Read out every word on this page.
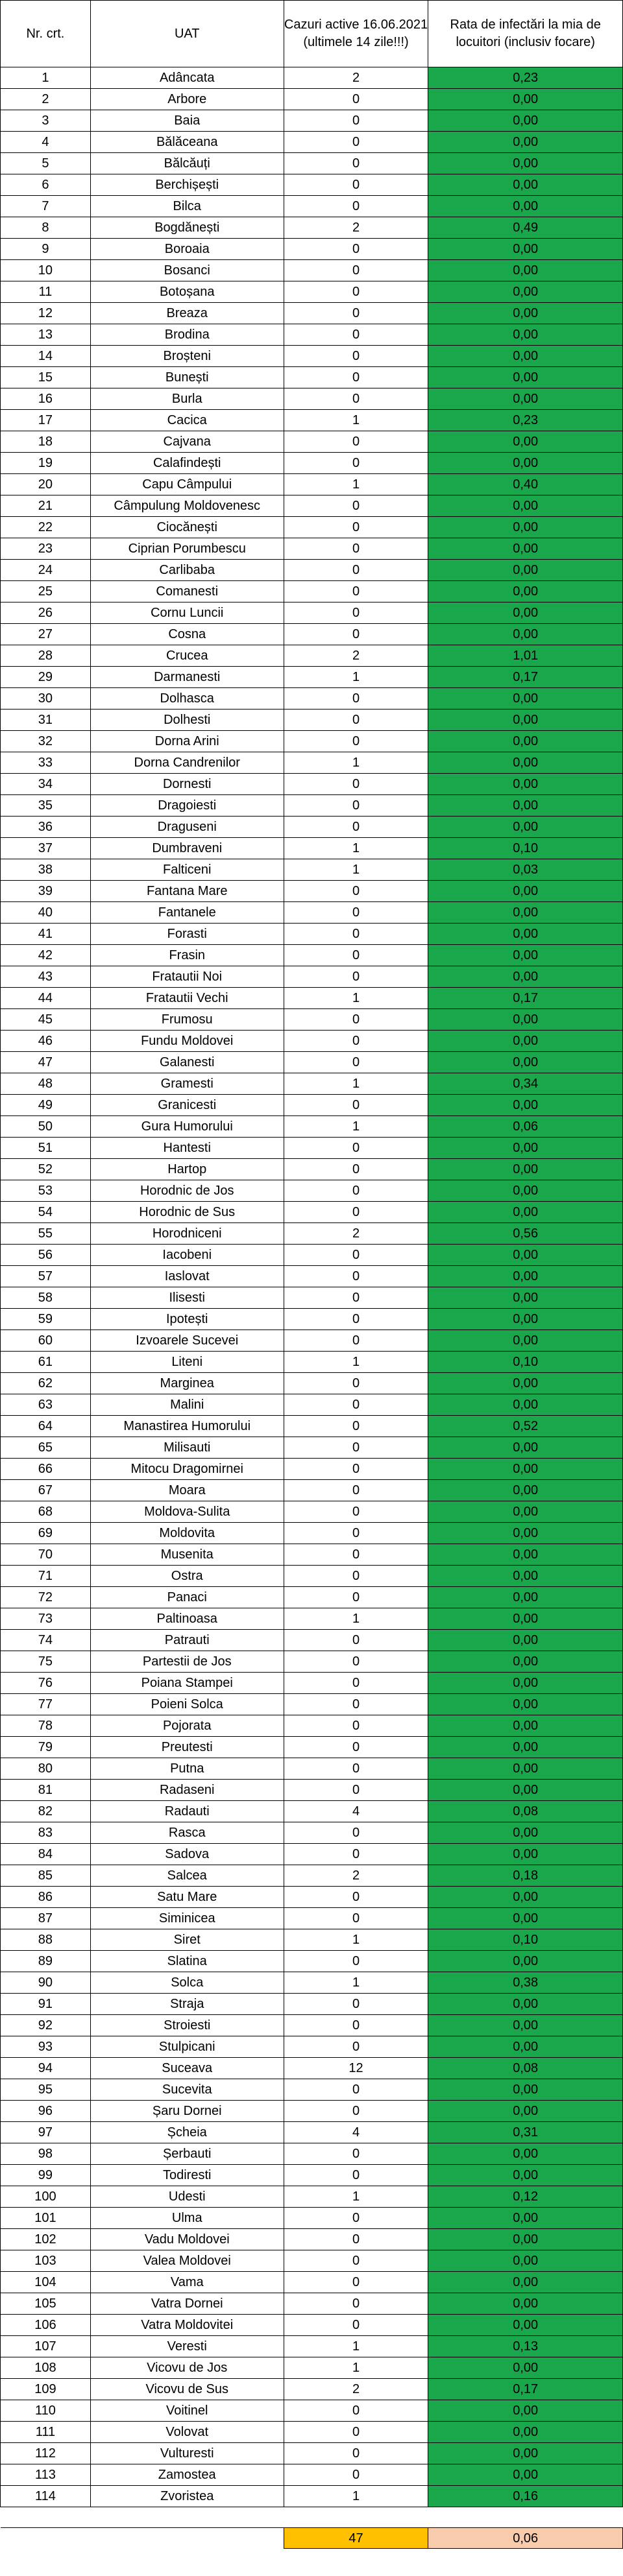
Nr. crt.	UAT	Cazuri active 16.06.2021 (ultimele 14 zile!!!)	Rata de infectări la mia de locuitori (inclusiv focare)
1	Adâncata	2	0,23
2	Arbore	0	0,00
3	Baia	0	0,00
4	Bălăceana	0	0,00
5	Bălcăuți	0	0,00
6	Berchișești	0	0,00
7	Bilca	0	0,00
8	Bogdănești	2	0,49
9	Boroaia	0	0,00
10	Bosanci	0	0,00
11	Botoșana	0	0,00
12	Breaza	0	0,00
13	Brodina	0	0,00
14	Broșteni	0	0,00
15	Bunești	0	0,00
16	Burla	0	0,00
17	Cacica	1	0,23
18	Cajvana	0	0,00
19	Calafindești	0	0,00
20	Capu Câmpului	1	0,40
21	Câmpulung Moldovenesc	0	0,00
22	Ciocănești	0	0,00
23	Ciprian Porumbescu	0	0,00
24	Carlibaba	0	0,00
25	Comanesti	0	0,00
26	Cornu Luncii	0	0,00
27	Cosna	0	0,00
28	Crucea	2	1,01
29	Darmanesti	1	0,17
30	Dolhasca	0	0,00
31	Dolhesti	0	0,00
32	Dorna Arini	0	0,00
33	Dorna Candrenilor	1	0,00
34	Dornesti	0	0,00
35	Dragoiesti	0	0,00
36	Draguseni	0	0,00
37	Dumbraveni	1	0,10
38	Falticeni	1	0,03
39	Fantana Mare	0	0,00
40	Fantanele	0	0,00
41	Forasti	0	0,00
42	Frasin	0	0,00
43	Fratautii Noi	0	0,00
44	Fratautii Vechi	1	0,17
45	Frumosu	0	0,00
46	Fundu Moldovei	0	0,00
47	Galanesti	0	0,00
48	Gramesti	1	0,34
49	Granicesti	0	0,00
50	Gura Humorului	1	0,06
51	Hantesti	0	0,00
52	Hartop	0	0,00
53	Horodnic de Jos	0	0,00
54	Horodnic de Sus	0	0,00
55	Horodniceni	2	0,56
56	Iacobeni	0	0,00
57	Iaslovat	0	0,00
58	Ilisesti	0	0,00
59	Ipotești	0	0,00
60	Izvoarele Sucevei	0	0,00
61	Liteni	1	0,10
62	Marginea	0	0,00
63	Malini	0	0,00
64	Manastirea Humorului	0	0,52
65	Milisauti	0	0,00
66	Mitocu Dragomirnei	0	0,00
67	Moara	0	0,00
68	Moldova-Sulita	0	0,00
69	Moldovita	0	0,00
70	Musenita	0	0,00
71	Ostra	0	0,00
72	Panaci	0	0,00
73	Paltinoasa	1	0,00
74	Patrauti	0	0,00
75	Partestii de Jos	0	0,00
76	Poiana Stampei	0	0,00
77	Poieni Solca	0	0,00
78	Pojorata	0	0,00
79	Preutesti	0	0,00
80	Putna	0	0,00
81	Radaseni	0	0,00
82	Radauti	4	0,08
83	Rasca	0	0,00
84	Sadova	0	0,00
85	Salcea	2	0,18
86	Satu Mare	0	0,00
87	Siminicea	0	0,00
88	Siret	1	0,10
89	Slatina	0	0,00
90	Solca	1	0,38
91	Straja	0	0,00
92	Stroiesti	0	0,00
93	Stulpicani	0	0,00
94	Suceava	12	0,08
95	Sucevita	0	0,00
96	Șaru Dornei	0	0,00
97	Șcheia	4	0,31
98	Șerbauti	0	0,00
99	Todiresti	0	0,00
100	Udesti	1	0,12
101	Ulma	0	0,00
102	Vadu Moldovei	0	0,00
103	Valea Moldovei	0	0,00
104	Vama	0	0,00
105	Vatra Dornei	0	0,00
106	Vatra Moldovitei	0	0,00
107	Veresti	1	0,13
108	Vicovu de Jos	1	0,00
109	Vicovu de Sus	2	0,17
110	Voitinel	0	0,00
111	Volovat	0	0,00
112	Vulturesti	0	0,00
113	Zamostea	0	0,00
114	Zvoristea	1	0,16

		47	0,06
